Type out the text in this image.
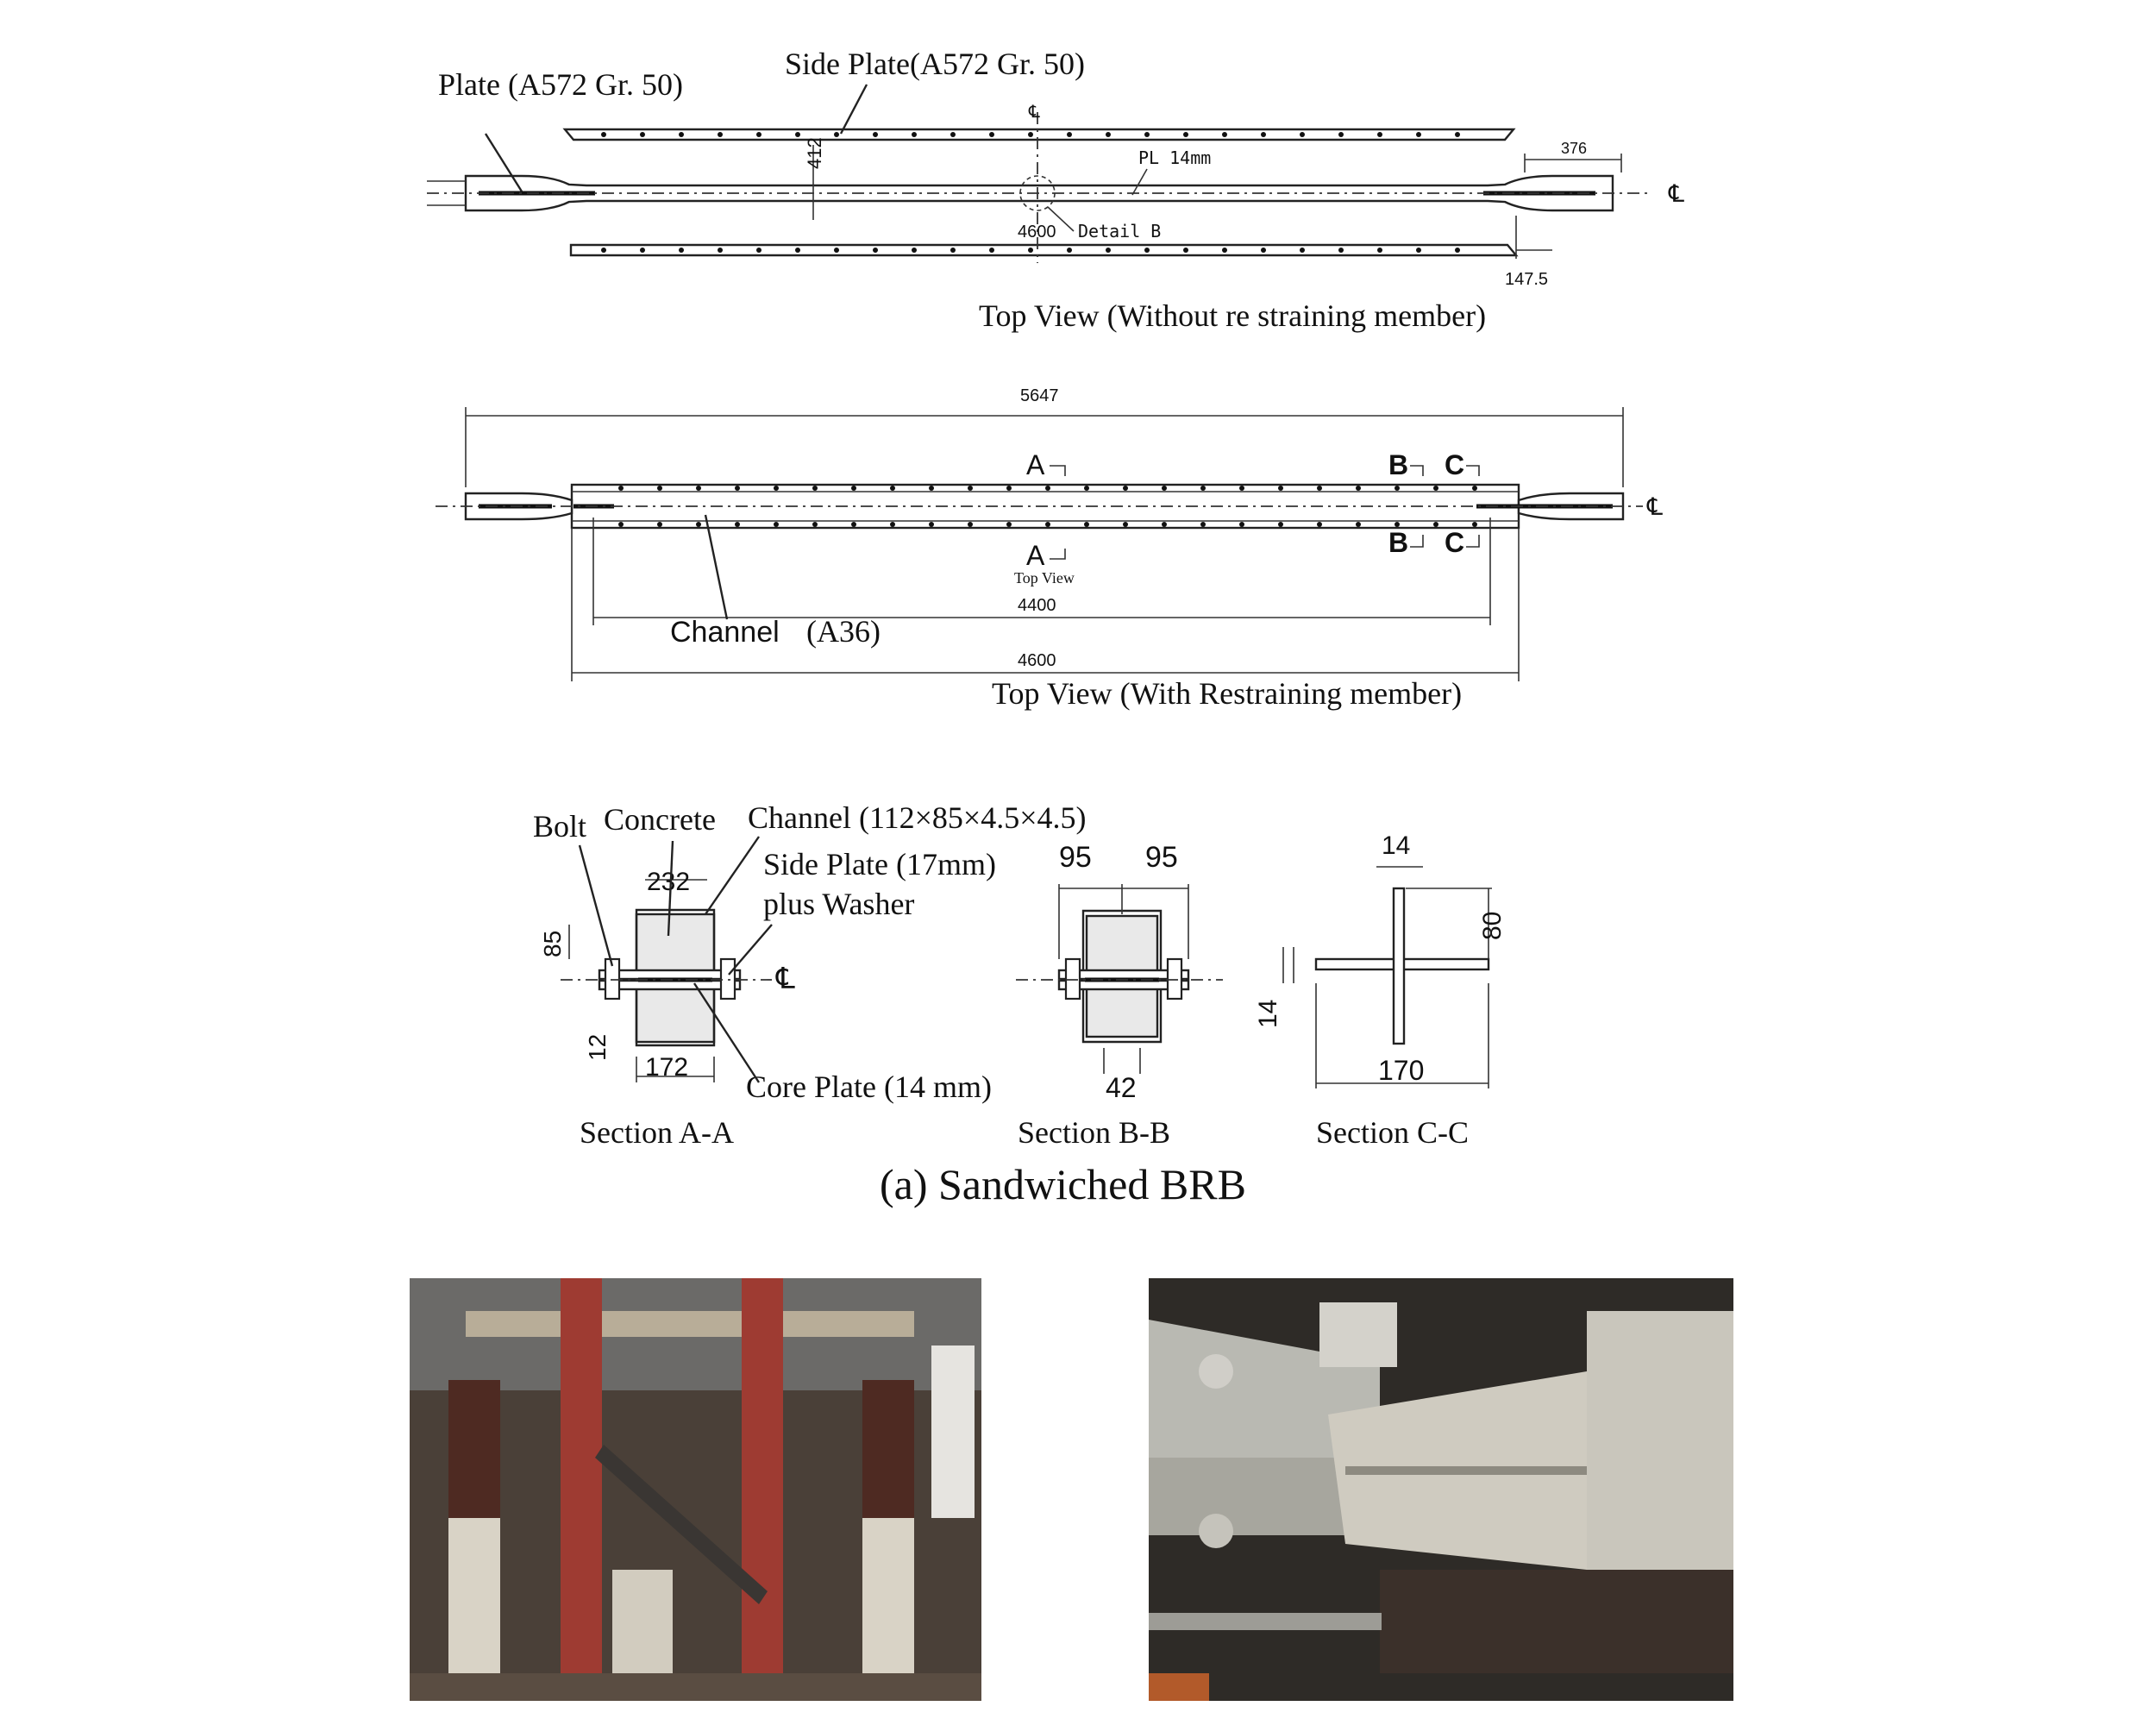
℄
℄
412	PL 14mm
4600 Detail B
376
147.5
Plate (A572 Gr. 50)
Side Plate(A572 Gr. 50)
Top View (Without re straining member)
5647
℄
A
A
B C
B C
Top View
4400
4600
Channel (A36)
Top View (With Restraining member)
℄
232
85
12
172
Bolt Concrete Channel (112×85×4.5×4.5)
Side Plate (17mm)
plus Washer
Core Plate (14 mm)
Section A-A
95 95
42
Section B-B
14
80
14
170
Section C-C
(a) Sandwiched BRB
